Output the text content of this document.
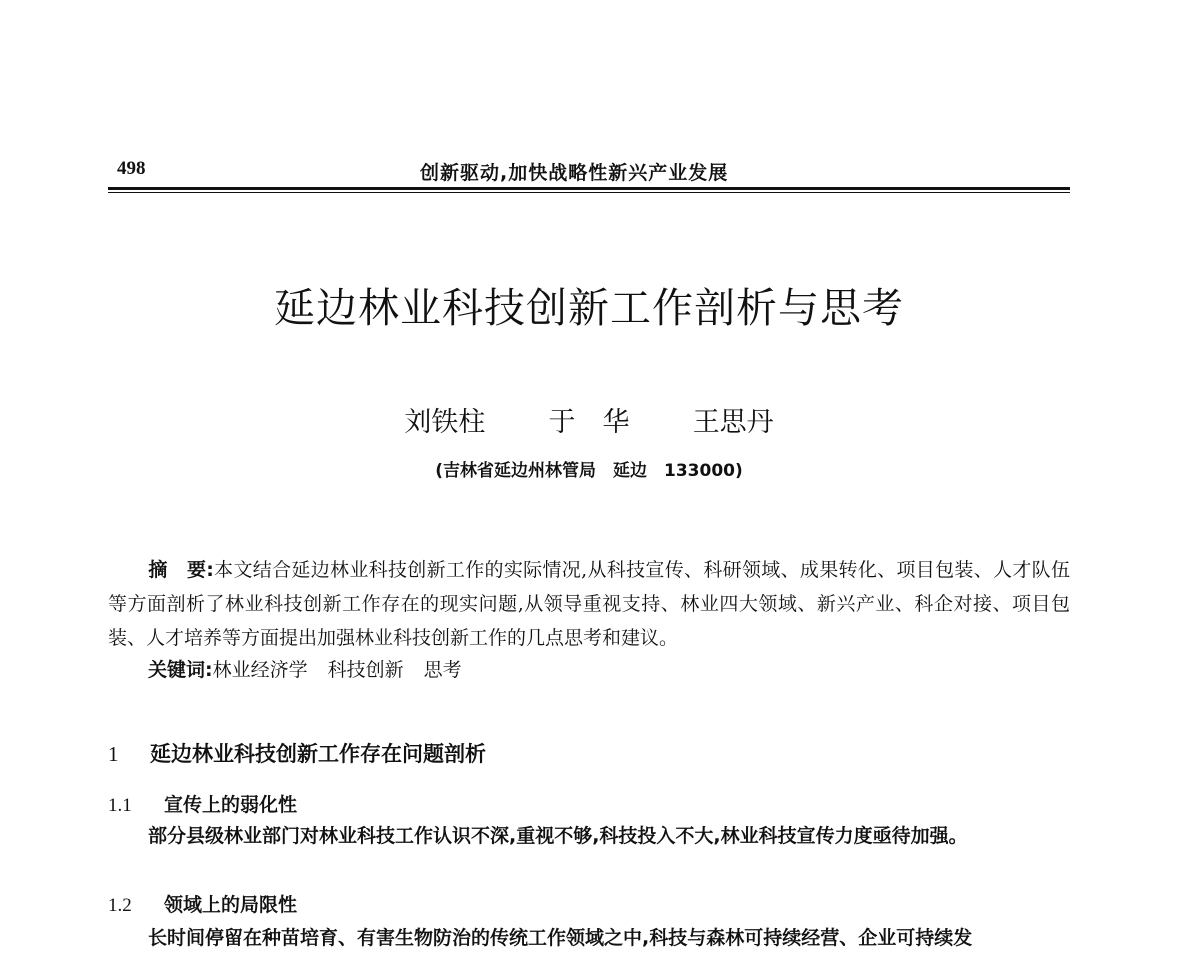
498	创新驱动,加快战略性新兴产业发展
延边林业科技创新工作剖析与思考
刘铁柱 于　华 王思丹
(吉林省延边州林管局　延边　133000)
摘　要:本文结合延边林业科技创新工作的实际情况,从科技宣传、科研领域、成果转化、项目包装、人才队伍等方面剖析了林业科技创新工作存在的现实问题,从领导重视支持、林业四大领域、新兴产业、科企对接、项目包装、人才培养等方面提出加强林业科技创新工作的几点思考和建议。
关键词:林业经济学 科技创新 思考
1 延边林业科技创新工作存在问题剖析
1.1 宣传上的弱化性
部分县级林业部门对林业科技工作认识不深,重视不够,科技投入不大,林业科技宣传力度亟待加强。
1.2 领域上的局限性
长时间停留在种苗培育、有害生物防治的传统工作领域之中,科技与森林可持续经营、企业可持续发
